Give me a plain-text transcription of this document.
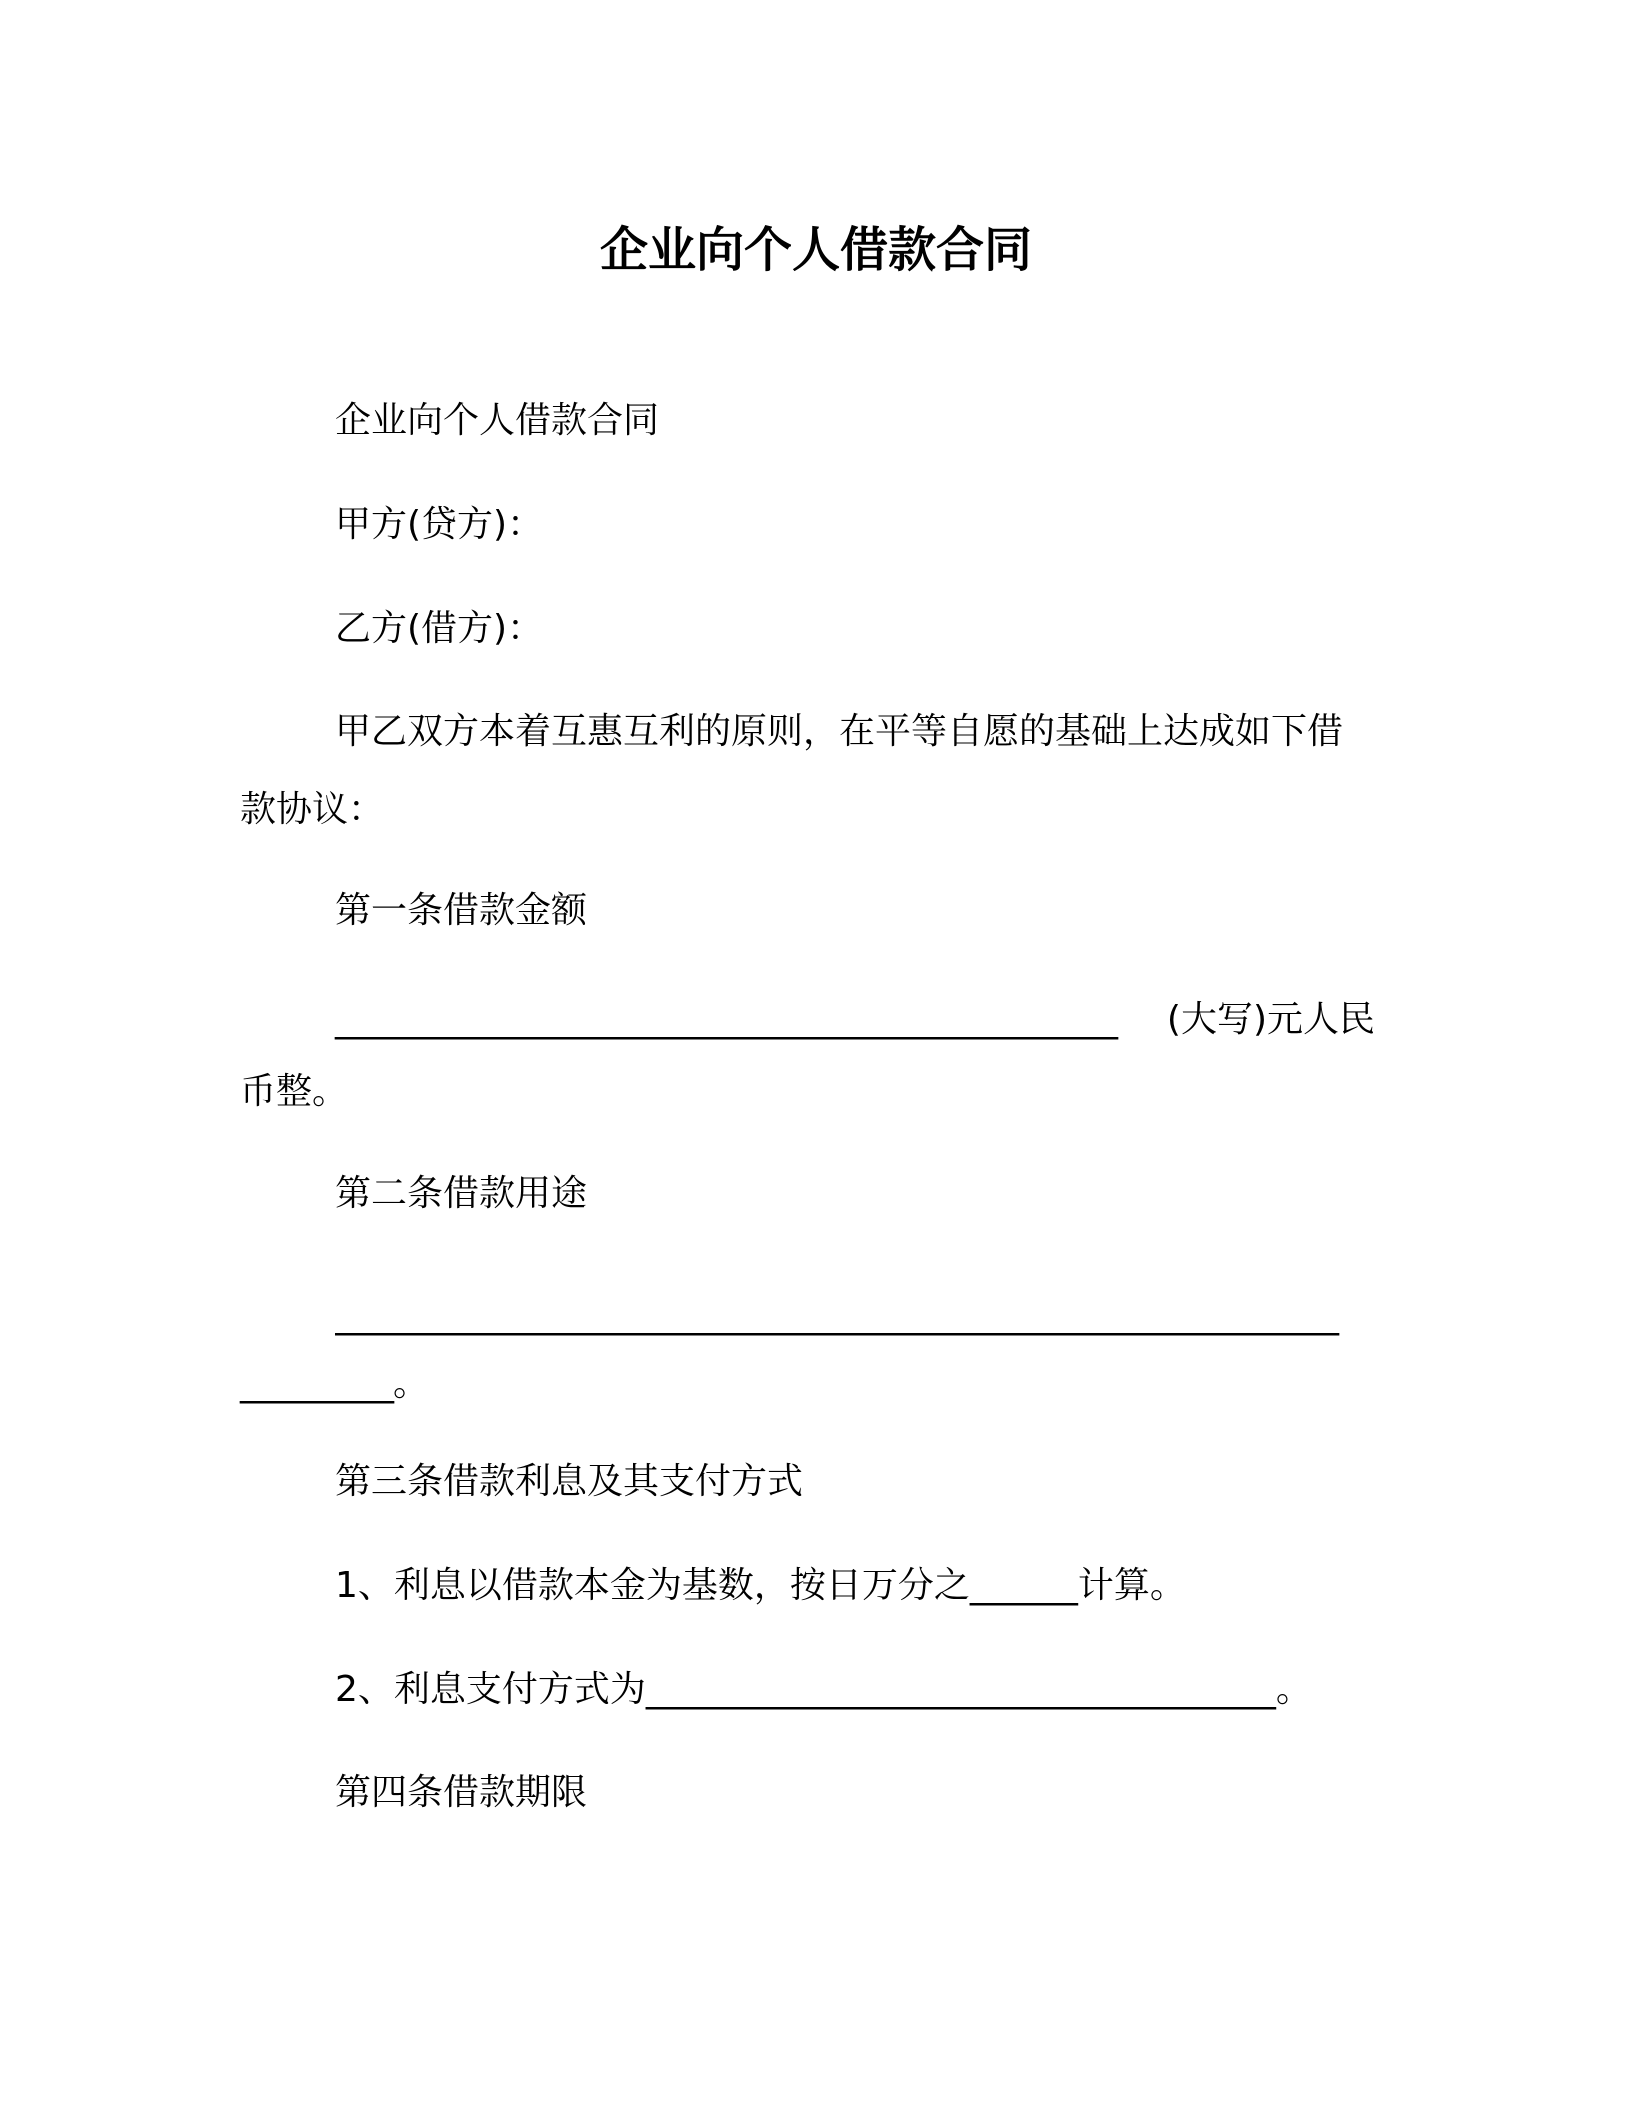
企业向个人借款合同
企业向个人借款合同
甲方(贷方)：
乙方(借方)：
甲乙双方本着互惠互利的原则，在平等自愿的基础上达成如下借
款协议：
第一条借款金额
______________________________________________ (大写)元人民
币整。
第二条借款用途
___________________________________________________________
_________。
第三条借款利息及其支付方式
1、利息以借款本金为基数，按日万分之______计算。
2、利息支付方式为___________________________________。
第四条借款期限
